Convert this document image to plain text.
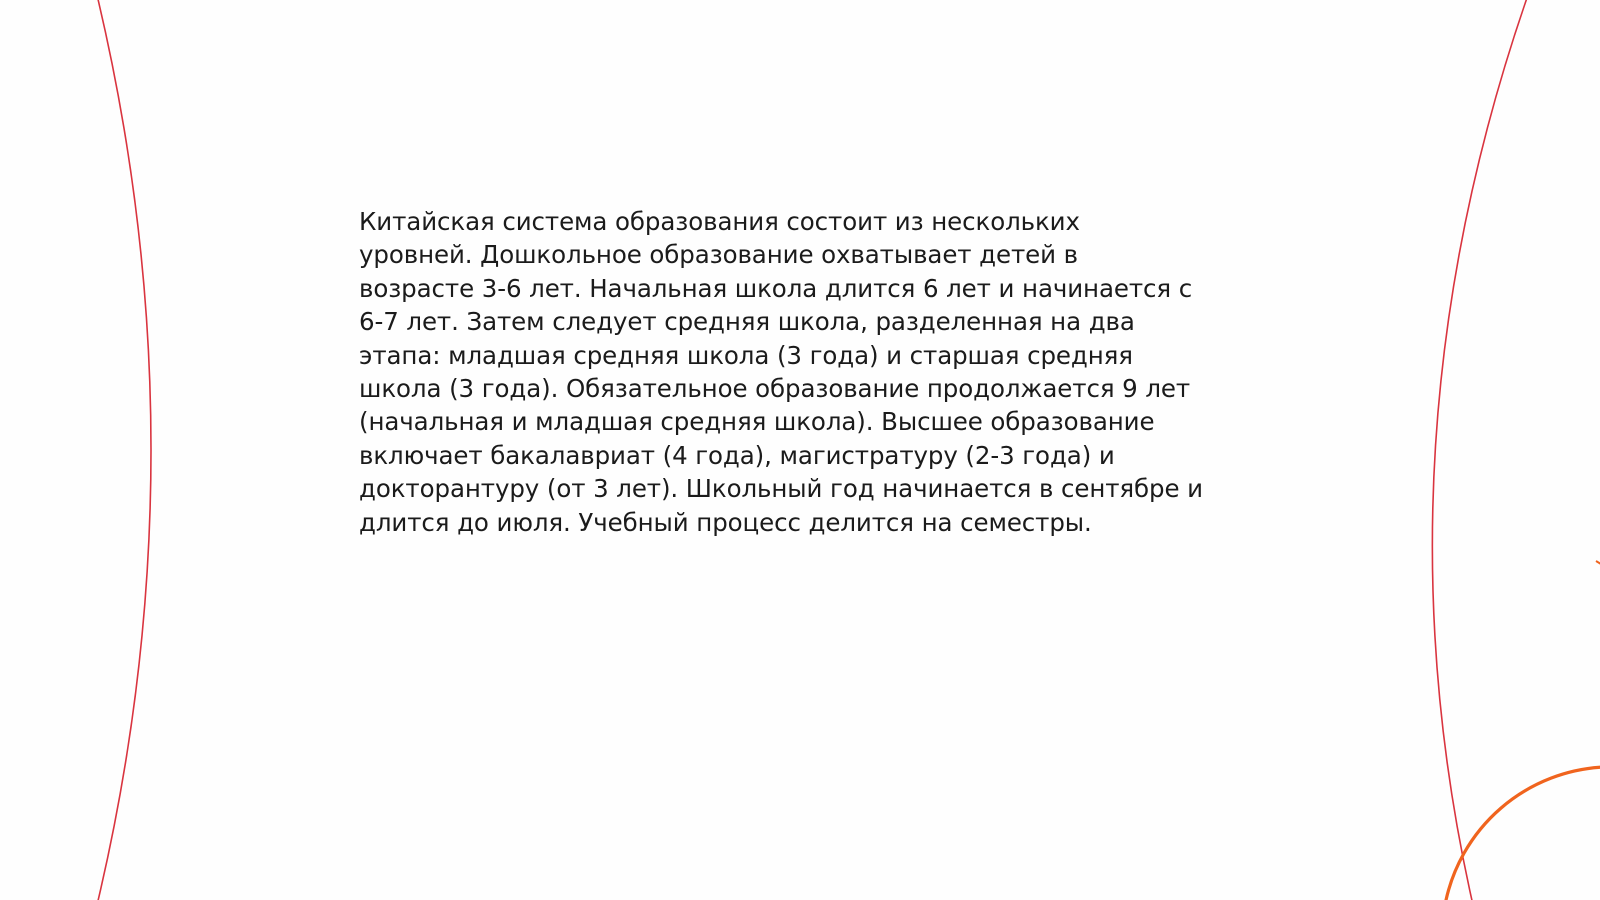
Китайская система образования состоит из нескольких
уровней. Дошкольное образование охватывает детей в
возрасте 3-6 лет. Начальная школа длится 6 лет и начинается с
6-7 лет. Затем следует средняя школа, разделенная на два
этапа: младшая средняя школа (3 года) и старшая средняя
школа (3 года). Обязательное образование продолжается 9 лет
(начальная и младшая средняя школа). Высшее образование
включает бакалавриат (4 года), магистратуру (2-3 года) и
докторантуру (от 3 лет). Школьный год начинается в сентябре и
длится до июля. Учебный процесс делится на семестры.
